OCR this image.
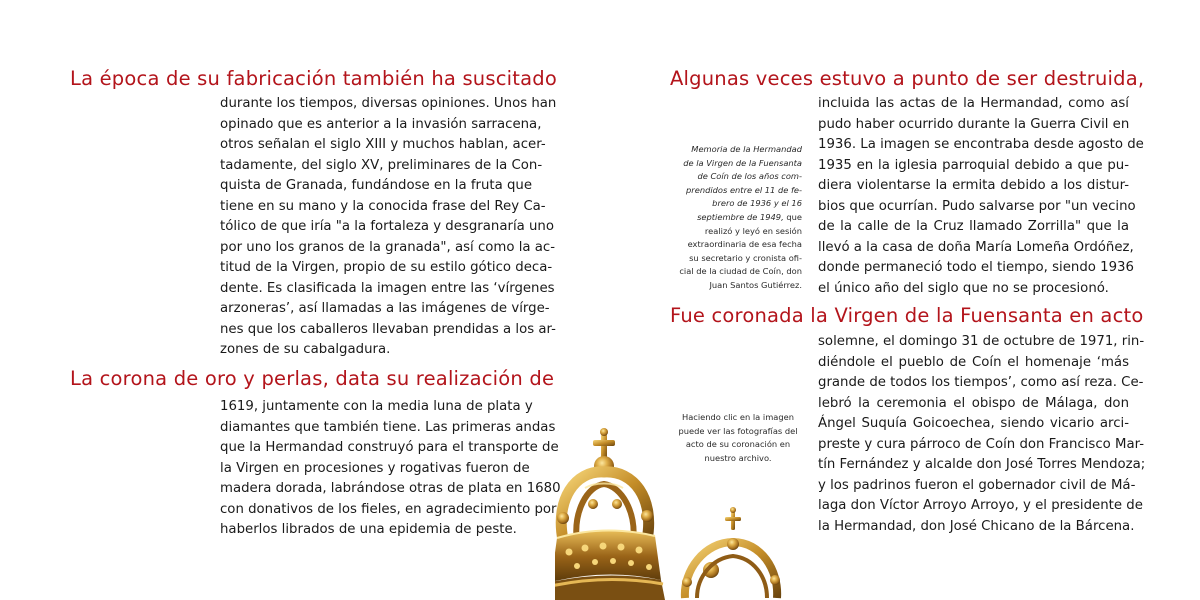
La época de su fabricación también ha suscitado
durante los tiempos, diversas opiniones. Unos han
opinado que es anterior a la invasión sarracena,
otros señalan el siglo XIII y muchos hablan, acer-
tadamente, del siglo XV, preliminares de la Con-
quista de Granada, fundándose en la fruta que
tiene en su mano y la conocida frase del Rey Ca-
tólico de que iría "a la fortaleza y desgranaría uno
por uno los granos de la granada", así como la ac-
titud de la Virgen, propio de su estilo gótico deca-
dente. Es clasificada la imagen entre las ‘vírgenes
arzoneras’, así llamadas a las imágenes de vírge-
nes que los caballeros llevaban prendidas a los ar-
zones de su cabalgadura.
La corona de oro y perlas, data su realización de
1619, juntamente con la media luna de plata y
diamantes que también tiene. Las primeras andas
que la Hermandad construyó para el transporte de
la Virgen en procesiones y rogativas fueron de
madera dorada, labrándose otras de plata en 1680
con donativos de los fieles, en agradecimiento por
haberlos librados de una epidemia de peste.
Algunas veces estuvo a punto de ser destruida,
incluida las actas de la Hermandad, como así
pudo haber ocurrido durante la Guerra Civil en
1936. La imagen se encontraba desde agosto de
1935 en la iglesia parroquial debido a que pu-
diera violentarse la ermita debido a los distur-
bios que ocurrían. Pudo salvarse por "un vecino
de la calle de la Cruz llamado Zorrilla" que la
llevó a la casa de doña María Lomeña Ordóñez,
donde permaneció todo el tiempo, siendo 1936
el único año del siglo que no se procesionó.
Fue coronada la Virgen de la Fuensanta en acto
solemne, el domingo 31 de octubre de 1971, rin-
diéndole el pueblo de Coín el homenaje ‘más
grande de todos los tiempos’, como así reza. Ce-
lebró la ceremonia el obispo de Málaga, don
Ángel Suquía Goicoechea, siendo vicario arci-
preste y cura párroco de Coín don Francisco Mar-
tín Fernández y alcalde don José Torres Mendoza;
y los padrinos fueron el gobernador civil de Má-
laga don Víctor Arroyo Arroyo, y el presidente de
la Hermandad, don José Chicano de la Bárcena.
Memoria de la Hermandad
de la Virgen de la Fuensanta
de Coín de los años com-
prendidos entre el 11 de fe-
brero de 1936 y el 16
septiembre de 1949, que
realizó y leyó en sesión
extraordinaria de esa fecha
su secretario y cronista ofi-
cial de la ciudad de Coín, don
Juan Santos Gutiérrez.
Haciendo clic en la imagen
puede ver las fotografías del
acto de su coronación en
nuestro archivo.
